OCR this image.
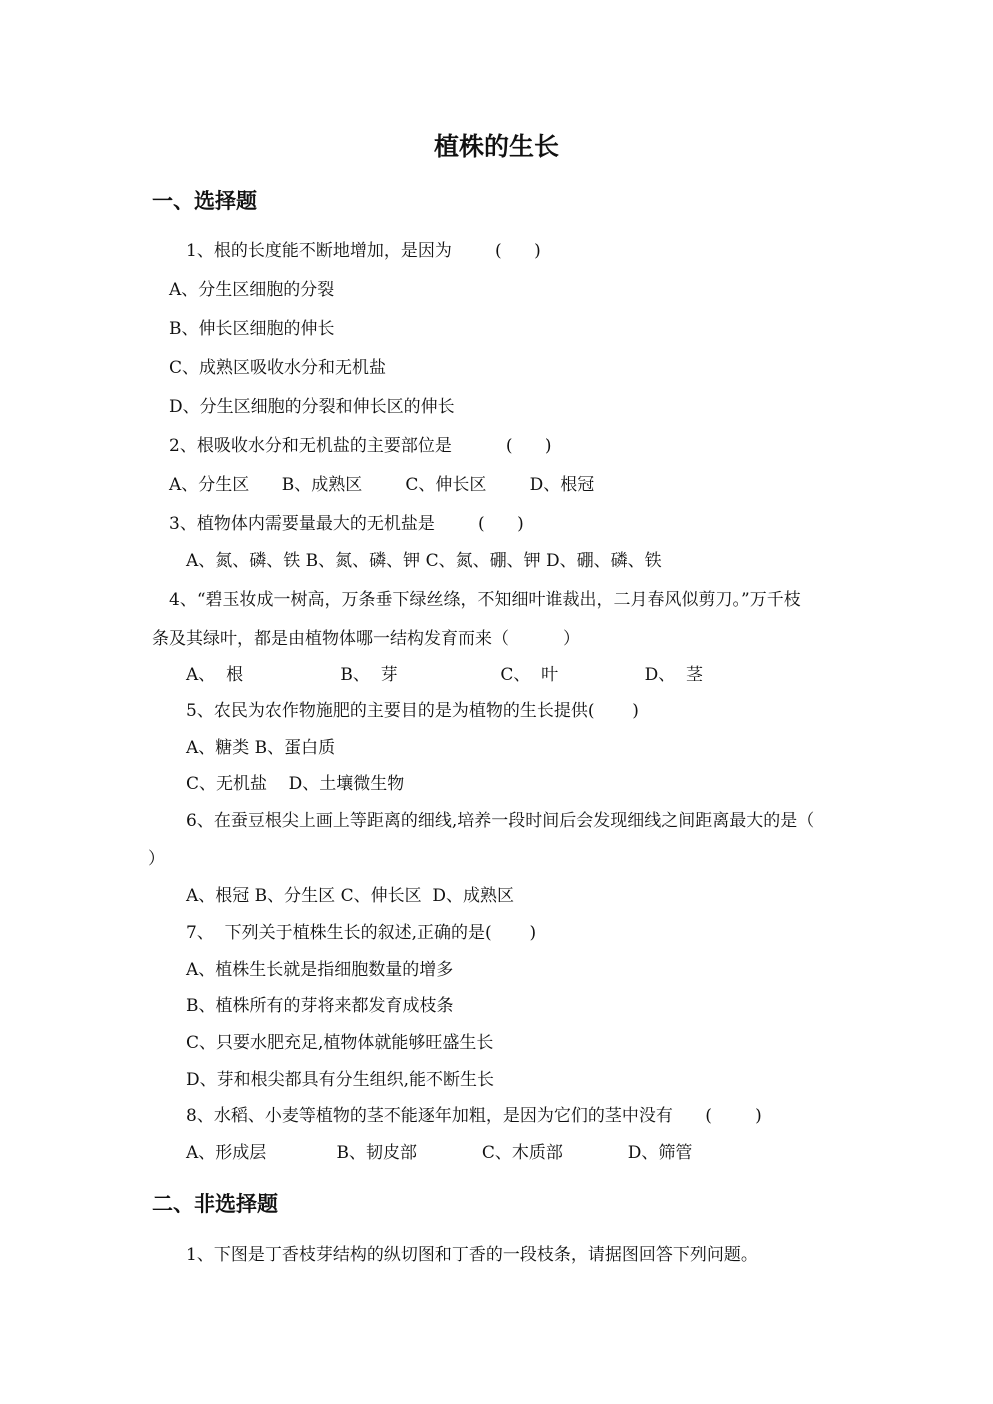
植株的生长
一、选择题
1、根的长度能不断地增加，是因为        (      )
A、分生区细胞的分裂
B、伸长区细胞的伸长
C、成熟区吸收水分和无机盐
D、分生区细胞的分裂和伸长区的伸长
2、根吸收水分和无机盐的主要部位是          (      )
A、分生区      B、成熟区        C、伸长区        D、根冠
3、植物体内需要量最大的无机盐是        (      )
A、氮、磷、铁 B、氮、磷、钾 C、氮、硼、钾 D、硼、磷、铁
4、“碧玉妆成一树高，万条垂下绿丝绦，不知细叶谁裁出，二月春风似剪刀。”万千枝
条及其绿叶，都是由植物体哪一结构发育而来（          ）
A、  根                  B、  芽                   C、  叶                D、  茎
5、农民为农作物施肥的主要目的是为植物的生长提供(       )
A、糖类 B、蛋白质
C、无机盐    D、土壤微生物
6、在蚕豆根尖上画上等距离的细线,培养一段时间后会发现细线之间距离最大的是（
）
A、根冠 B、分生区 C、伸长区  D、成熟区
7、  下列关于植株生长的叙述,正确的是(       )
A、植株生长就是指细胞数量的增多
B、植株所有的芽将来都发育成枝条
C、只要水肥充足,植物体就能够旺盛生长
D、芽和根尖都具有分生组织,能不断生长
8、水稻、小麦等植物的茎不能逐年加粗，是因为它们的茎中没有      (        )
A、形成层             B、韧皮部            C、木质部            D、筛管
二、非选择题
1、下图是丁香枝芽结构的纵切图和丁香的一段枝条，请据图回答下列问题。
